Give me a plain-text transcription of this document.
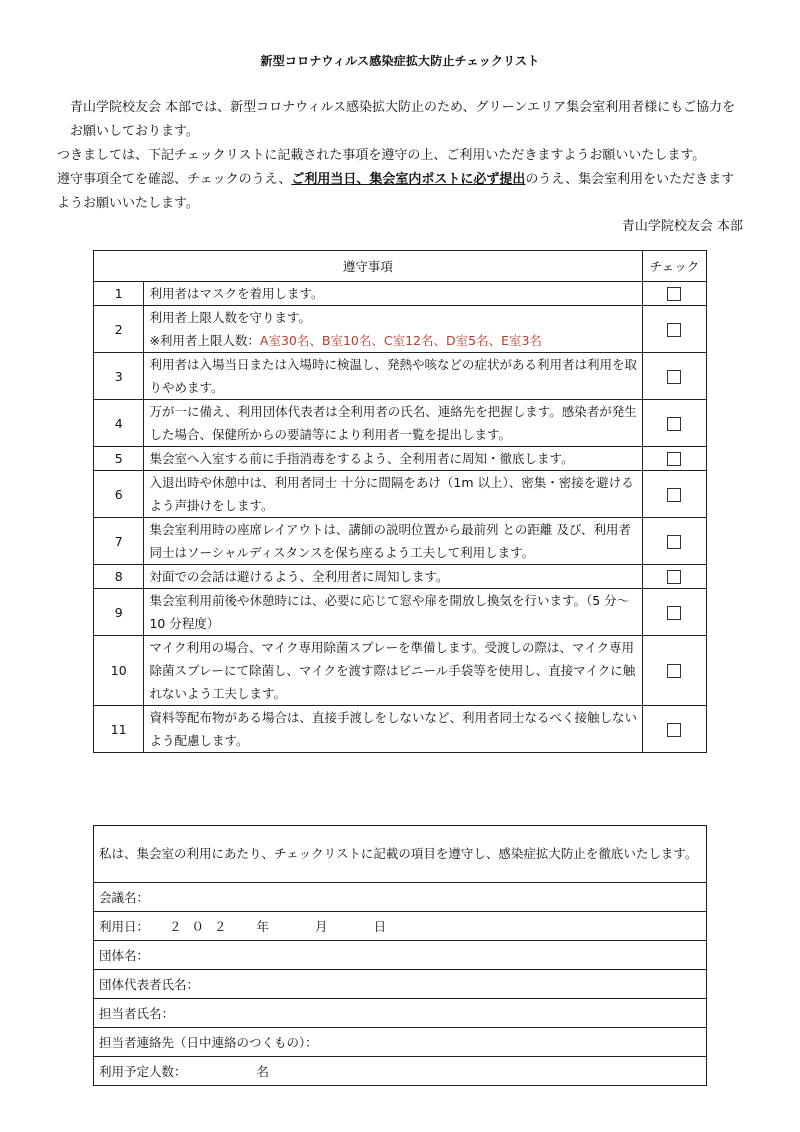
新型コロナウィルス感染症拡大防止チェックリスト

青山学院校友会 本部では、新型コロナウィルス感染拡大防止のため、グリーンエリア集会室利用者様にもご協力をお願いしております。

つきましては、下記チェックリストに記載された事項を遵守の上、ご利用いただきますようお願いいたします。

遵守事項全てを確認、チェックのうえ、ご利用当日、集会室内ポストに必ず提出のうえ、集会室利用をいただきますようお願いいたします。

青山学院校友会 本部
遵守事項		チェック
1	利用者はマスクを着用します。	

2	利用者上限人数を守ります。
※利用者上限人数：A室30名、B室10名、C室12名、D室5名、E室3名	

3	利用者は入場当日または入場時に検温し、発熱や咳などの症状がある利用者は利用を取りやめます。	

4	万が一に備え、利用団体代表者は全利用者の氏名、連絡先を把握します。感染者が発生した場合、保健所からの要請等により利用者一覧を提出します。	

5	集会室へ入室する前に手指消毒をするよう、全利用者に周知・徹底します。	

6	入退出時や休憩中は、利用者同士 十分に間隔をあけ（1m 以上）、密集・密接を避けるよう声掛けをします。	

7	集会室利用時の座席レイアウトは、講師の説明位置から最前列 との距離 及び、利用者同士はソーシャルディスタンスを保ち座るよう工夫して利用します。	

8	対面での会話は避けるよう、全利用者に周知します。	

9	集会室利用前後や休憩時には、必要に応じて窓や扉を開放し換気を行います。（5 分～10 分程度）	

10	マイク利用の場合、マイク専用除菌スプレーを準備します。受渡しの際は、マイク専用除菌スプレーにて除菌し、マイクを渡す際はビニール手袋等を使用し、直接マイクに触れないよう工夫します。	

11	資料等配布物がある場合は、直接手渡しをしないなど、利用者同士なるべく接触しないよう配慮します。	

私は、集会室の利用にあたり、チェックリストに記載の項目を遵守し、感染症拡大防止を徹底いたします。
会議名：
利用日： ２０２ 年	月	日
団体名：
団体代表者氏名：
担当者氏名：
担当者連絡先（日中連絡のつくもの）：
利用予定人数：	名
